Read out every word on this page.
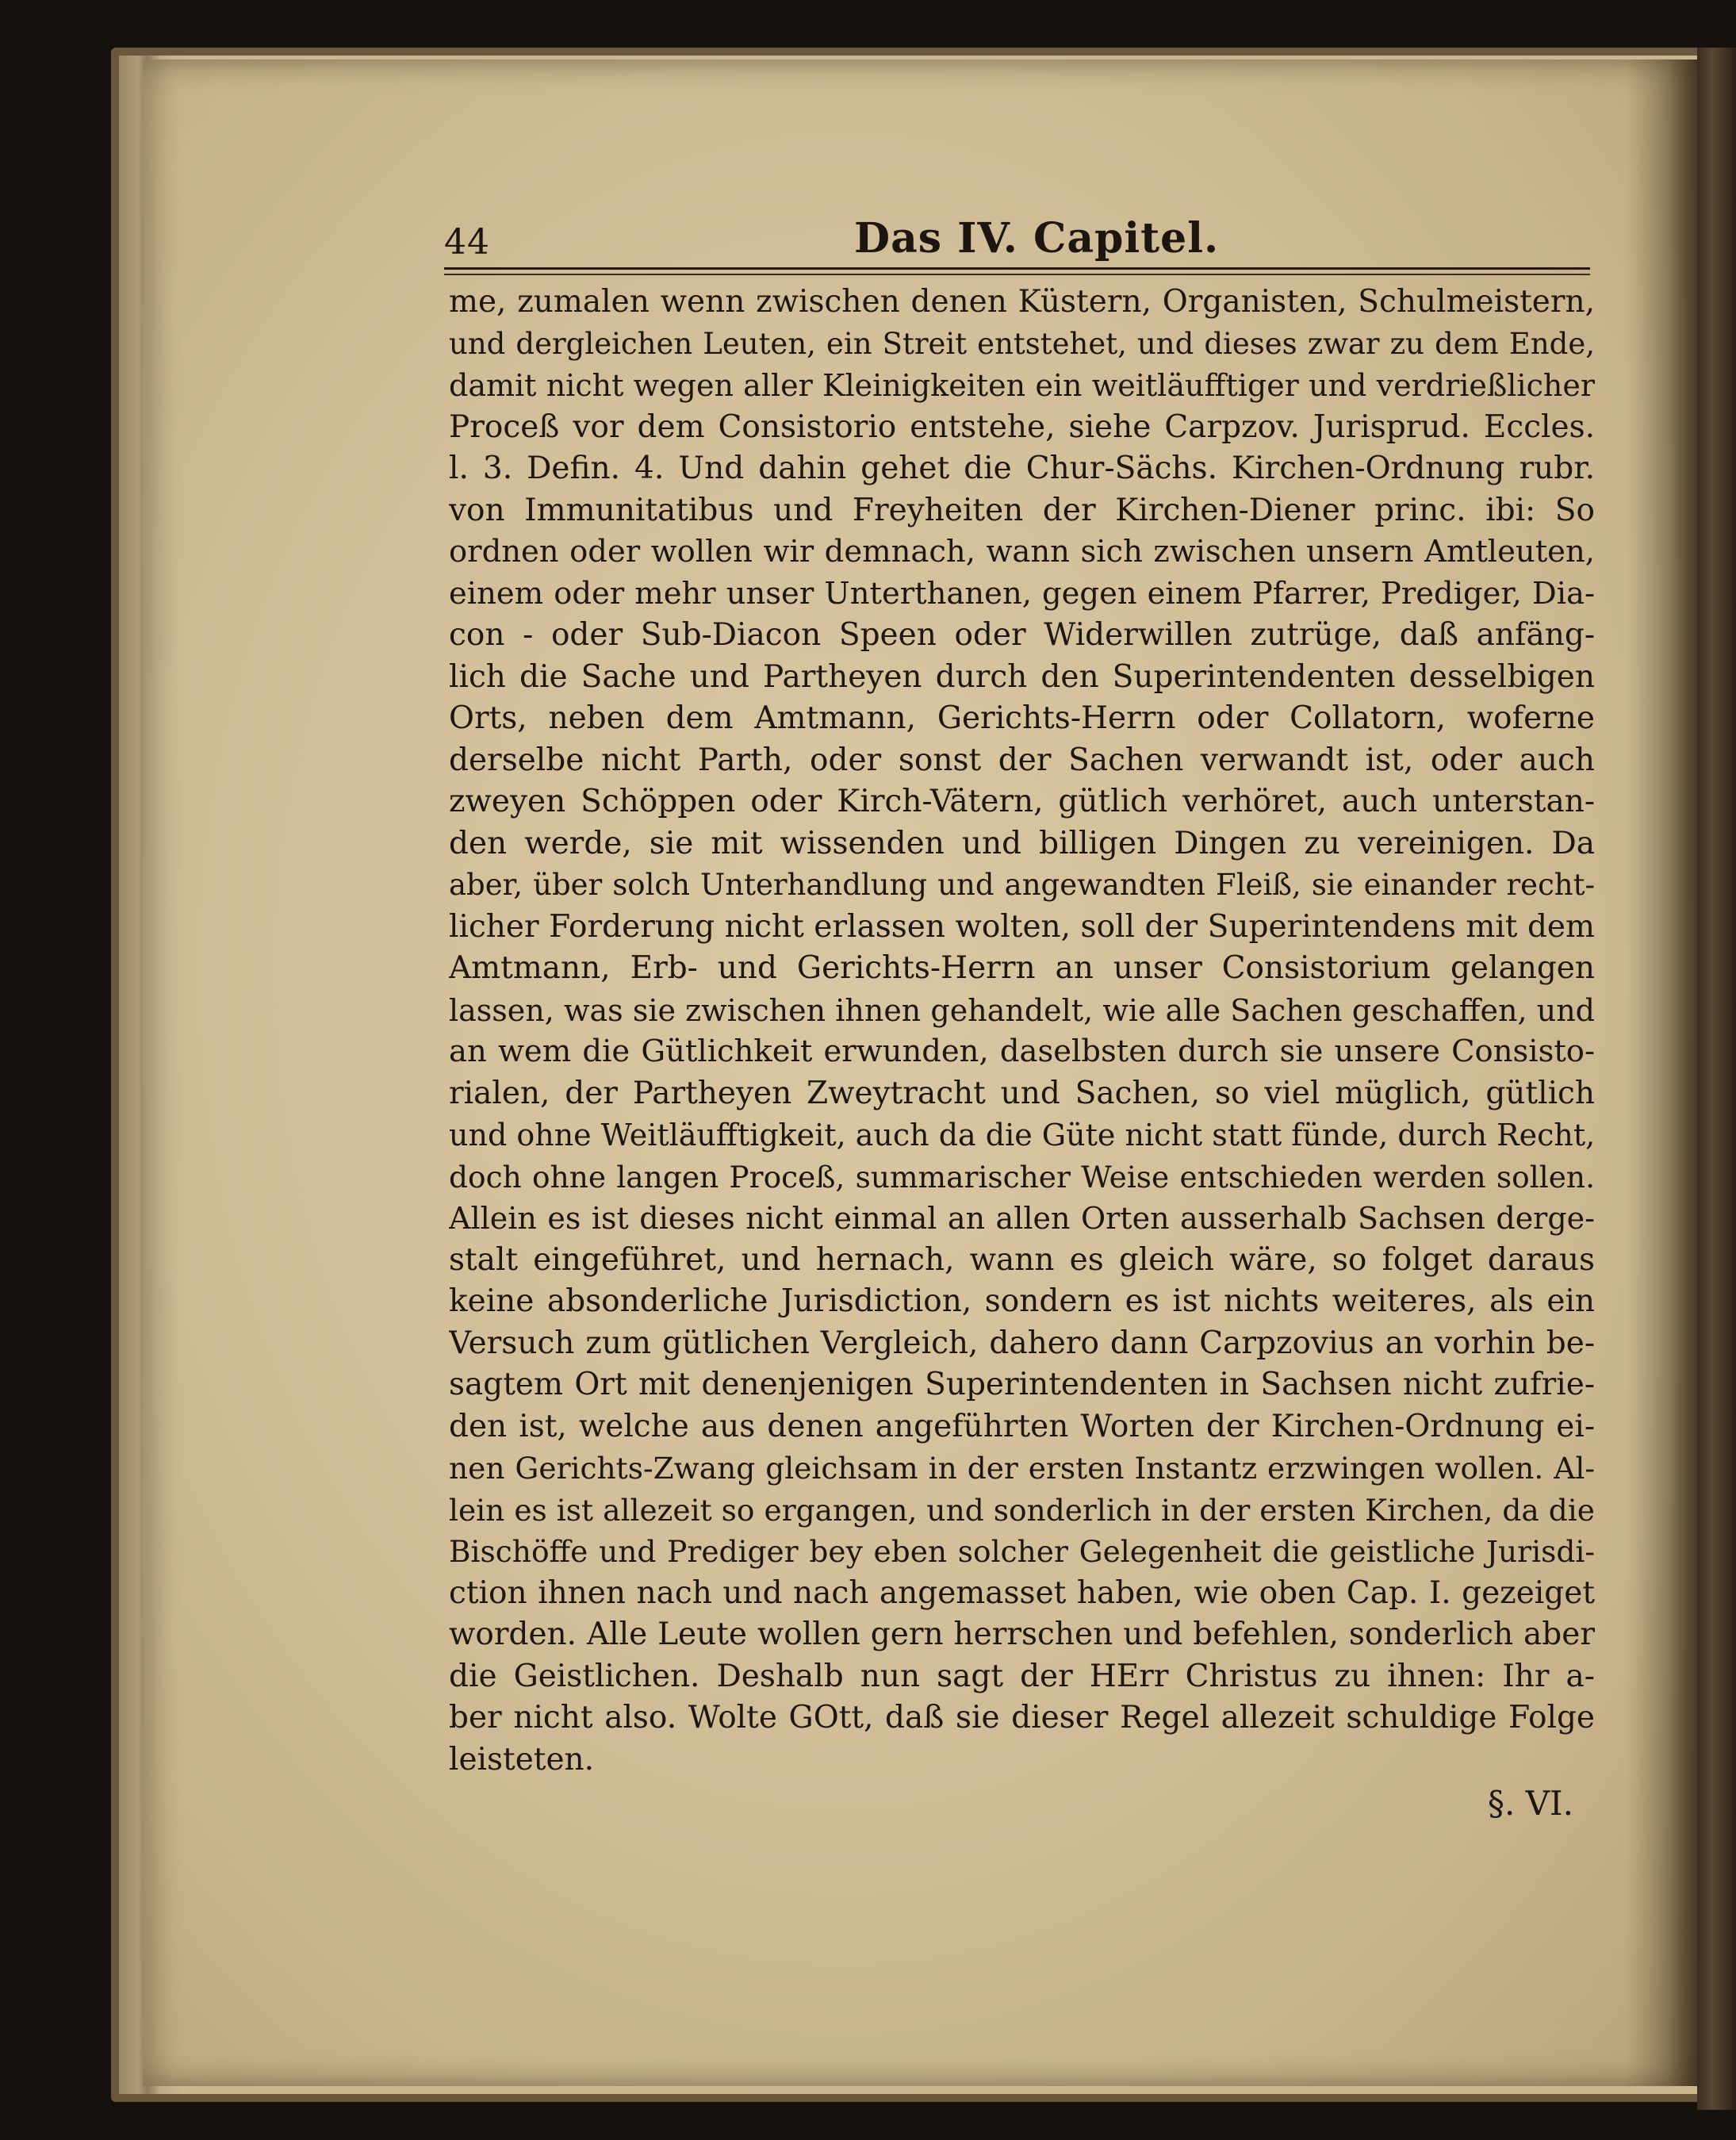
44	Das IV. Capitel.
me, zumalen wenn zwischen denen Küstern, Organisten, Schulmeistern,
und dergleichen Leuten, ein Streit entstehet, und dieses zwar zu dem Ende,
damit nicht wegen aller Kleinigkeiten ein weitläufftiger und verdrießlicher
Proceß vor dem Consistorio entstehe, siehe Carpzov. Jurisprud. Eccles.
l. 3. Defin. 4. Und dahin gehet die Chur-Sächs. Kirchen-Ordnung rubr.
von Immunitatibus und Freyheiten der Kirchen-Diener princ. ibi: So
ordnen oder wollen wir demnach, wann sich zwischen unsern Amtleuten,
einem oder mehr unser Unterthanen, gegen einem Pfarrer, Prediger, Dia-
con - oder Sub-Diacon Speen oder Widerwillen zutrüge, daß anfäng-
lich die Sache und Partheyen durch den Superintendenten desselbigen
Orts, neben dem Amtmann, Gerichts-Herrn oder Collatorn, woferne
derselbe nicht Parth, oder sonst der Sachen verwandt ist, oder auch
zweyen Schöppen oder Kirch-Vätern, gütlich verhöret, auch unterstan-
den werde, sie mit wissenden und billigen Dingen zu vereinigen. Da
aber, über solch Unterhandlung und angewandten Fleiß, sie einander recht-
licher Forderung nicht erlassen wolten, soll der Superintendens mit dem
Amtmann, Erb- und Gerichts-Herrn an unser Consistorium gelangen
lassen, was sie zwischen ihnen gehandelt, wie alle Sachen geschaffen, und
an wem die Gütlichkeit erwunden, daselbsten durch sie unsere Consisto-
rialen, der Partheyen Zweytracht und Sachen, so viel müglich, gütlich
und ohne Weitläufftigkeit, auch da die Güte nicht statt fünde, durch Recht,
doch ohne langen Proceß, summarischer Weise entschieden werden sollen.
Allein es ist dieses nicht einmal an allen Orten ausserhalb Sachsen derge-
stalt eingeführet, und hernach, wann es gleich wäre, so folget daraus
keine absonderliche Jurisdiction, sondern es ist nichts weiteres, als ein
Versuch zum gütlichen Vergleich, dahero dann Carpzovius an vorhin be-
sagtem Ort mit denenjenigen Superintendenten in Sachsen nicht zufrie-
den ist, welche aus denen angeführten Worten der Kirchen-Ordnung ei-
nen Gerichts-Zwang gleichsam in der ersten Instantz erzwingen wollen. Al-
lein es ist allezeit so ergangen, und sonderlich in der ersten Kirchen, da die
Bischöffe und Prediger bey eben solcher Gelegenheit die geistliche Jurisdi-
ction ihnen nach und nach angemasset haben, wie oben Cap. I. gezeiget
worden. Alle Leute wollen gern herrschen und befehlen, sonderlich aber
die Geistlichen. Deshalb nun sagt der HErr Christus zu ihnen: Ihr a-
ber nicht also. Wolte GOtt, daß sie dieser Regel allezeit schuldige Folge
leisteten.
§. VI.
